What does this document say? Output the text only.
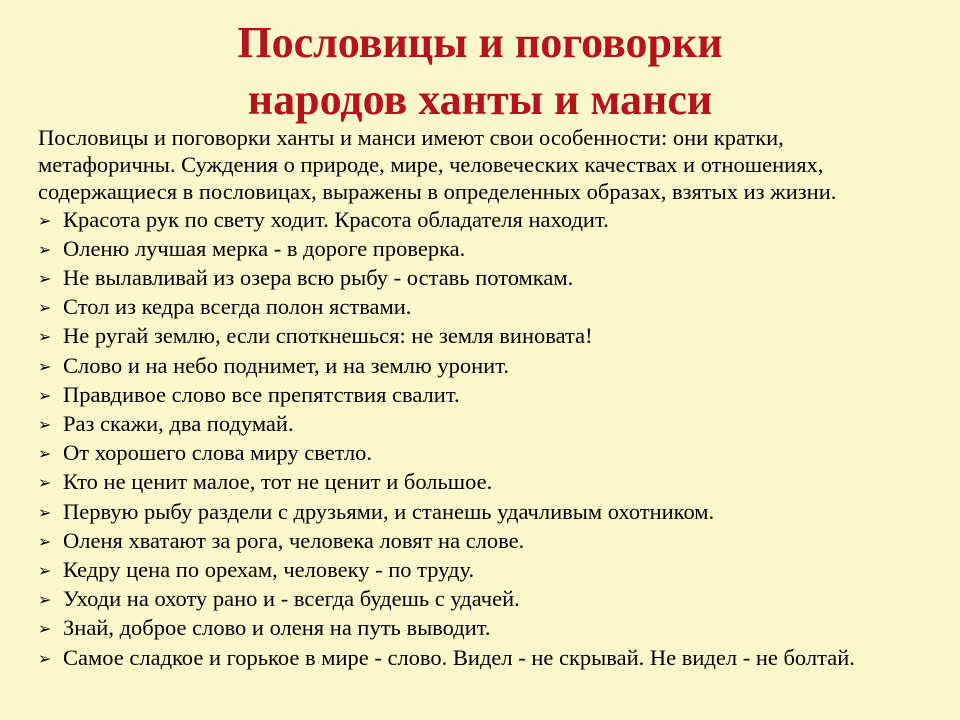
Пословицы и поговорки
народов ханты и манси

Пословицы и поговорки ханты и манси имеют свои особенности: они кратки,
метафоричны. Суждения о природе, мире, человеческих качествах и отношениях,
содержащиеся в пословицах, выражены в определенных образах, взятых из жизни.

➢ Красота рук по свету ходит. Красота обладателя находит.
➢ Оленю лучшая мерка - в дороге проверка.
➢ Не вылавливай из озера всю рыбу - оставь потомкам.
➢ Стол из кедра всегда полон яствами.
➢ Не ругай землю, если споткнешься: не земля виновата!
➢ Слово и на небо поднимет, и на землю уронит.
➢ Правдивое слово все препятствия свалит.
➢ Раз скажи, два подумай.
➢ От хорошего слова миру светло.
➢ Кто не ценит малое, тот не ценит и большое.
➢ Первую рыбу раздели с друзьями, и станешь удачливым охотником.
➢ Оленя хватают за рога, человека ловят на слове.
➢ Кедру цена по орехам, человеку - по труду.
➢ Уходи на охоту рано и - всегда будешь с удачей.
➢ Знай, доброе слово и оленя на путь выводит.
➢ Самое сладкое и горькое в мире - слово. Видел - не скрывай. Не видел - не болтай.
